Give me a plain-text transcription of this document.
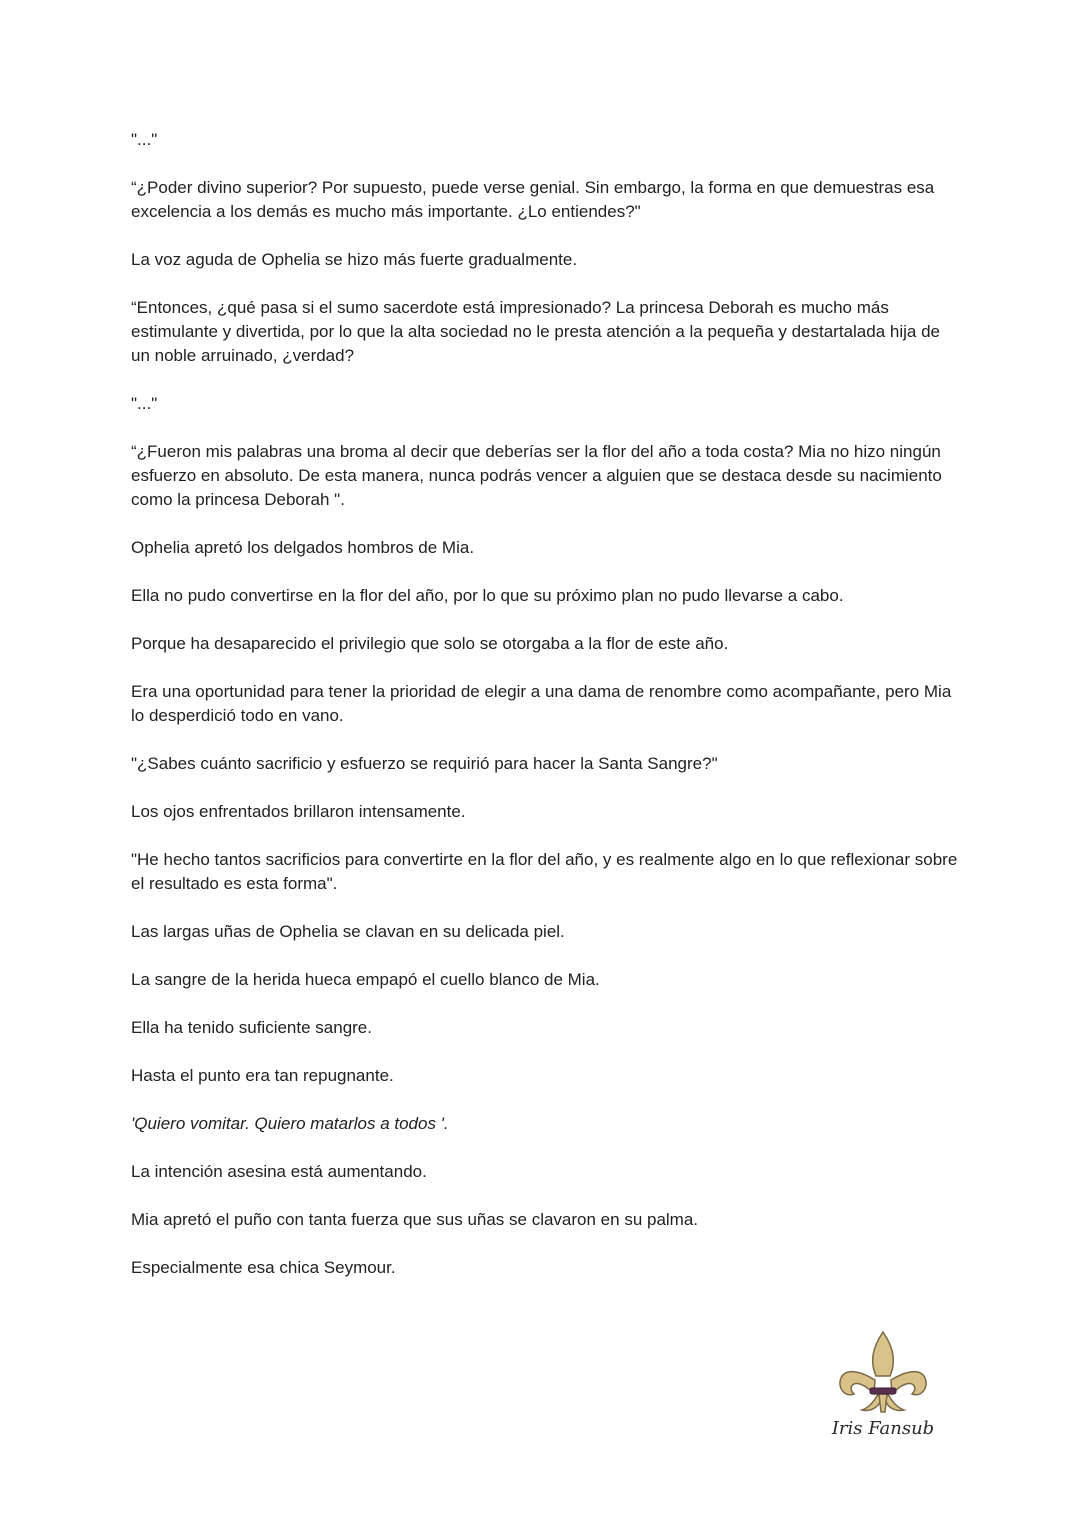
"..."

“¿Poder divino superior? Por supuesto, puede verse genial. Sin embargo, la forma en que demuestras esa excelencia a los demás es mucho más importante. ¿Lo entiendes?"

La voz aguda de Ophelia se hizo más fuerte gradualmente.

“Entonces, ¿qué pasa si el sumo sacerdote está impresionado? La princesa Deborah es mucho más estimulante y divertida, por lo que la alta sociedad no le presta atención a la pequeña y destartalada hija de un noble arruinado, ¿verdad?

"..."

“¿Fueron mis palabras una broma al decir que deberías ser la flor del año a toda costa? Mia no hizo ningún esfuerzo en absoluto. De esta manera, nunca podrás vencer a alguien que se destaca desde su nacimiento como la princesa Deborah ".

Ophelia apretó los delgados hombros de Mia.

Ella no pudo convertirse en la flor del año, por lo que su próximo plan no pudo llevarse a cabo.

Porque ha desaparecido el privilegio que solo se otorgaba a la flor de este año.

Era una oportunidad para tener la prioridad de elegir a una dama de renombre como acompañante, pero Mia lo desperdició todo en vano.

"¿Sabes cuánto sacrificio y esfuerzo se requirió para hacer la Santa Sangre?"

Los ojos enfrentados brillaron intensamente.

"He hecho tantos sacrificios para convertirte en la flor del año, y es realmente algo en lo que reflexionar sobre el resultado es esta forma".

Las largas uñas de Ophelia se clavan en su delicada piel.

La sangre de la herida hueca empapó el cuello blanco de Mia.

Ella ha tenido suficiente sangre.

Hasta el punto era tan repugnante.

'Quiero vomitar. Quiero matarlos a todos '.

La intención asesina está aumentando.

Mia apretó el puño con tanta fuerza que sus uñas se clavaron en su palma.

Especialmente esa chica Seymour.

Iris Fansub
